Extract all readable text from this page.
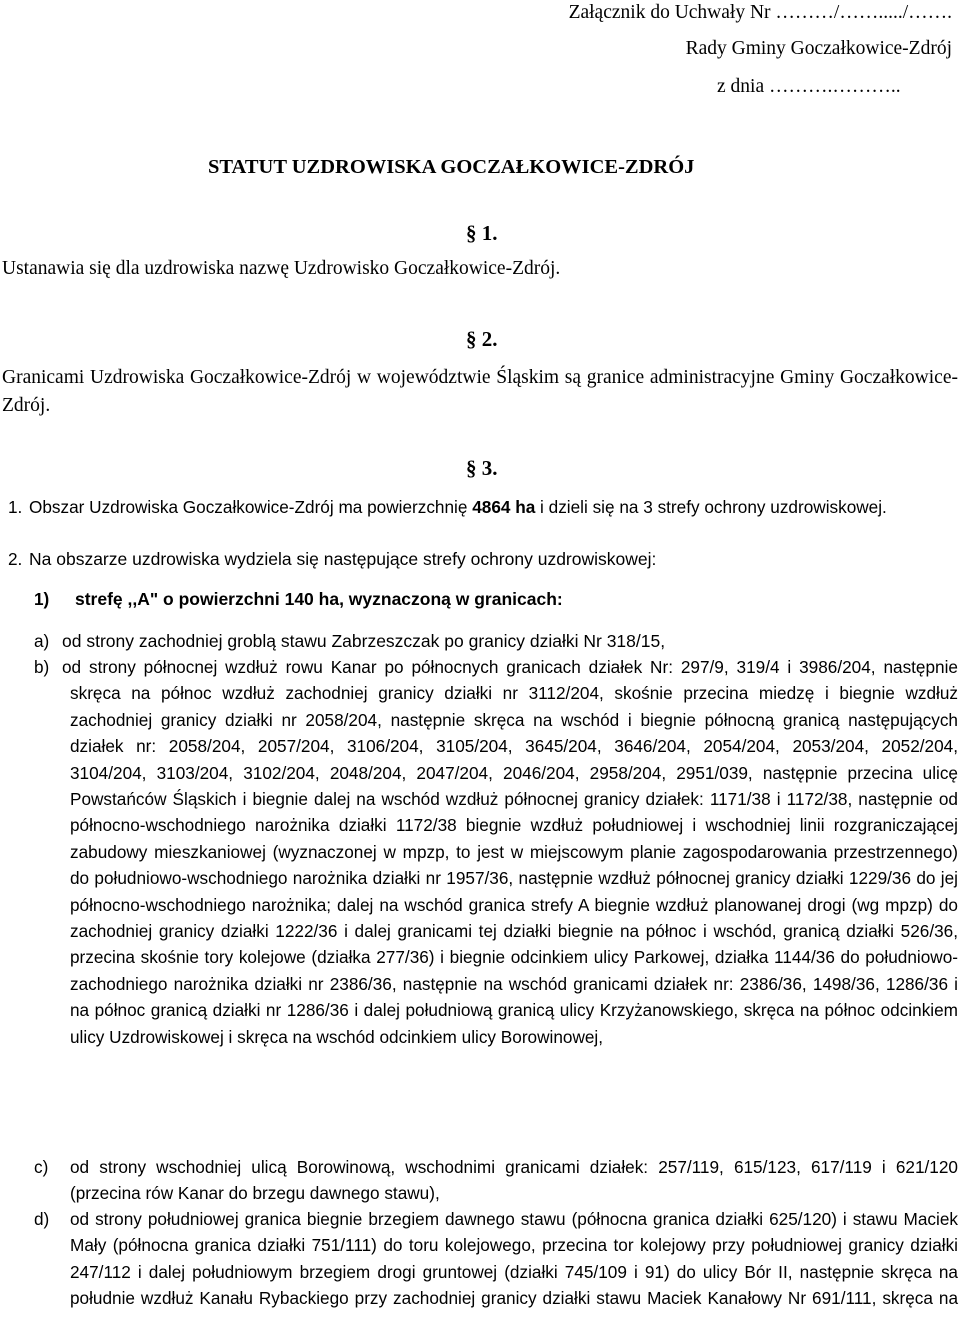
Załącznik do Uchwały Nr ………/……...../…….
Rady Gminy Goczałkowice-Zdrój
z dnia ……….………..
STATUT UZDROWISKA GOCZAŁKOWICE-ZDRÓJ
§ 1.
Ustanawia się dla uzdrowiska nazwę Uzdrowisko Goczałkowice-Zdrój.
§ 2.
Granicami Uzdrowiska Goczałkowice-Zdrój w województwie Śląskim są granice administracyjne Gminy Goczałkowice-Zdrój.
§ 3.
1. Obszar Uzdrowiska Goczałkowice-Zdrój ma powierzchnię 4864 ha i dzieli się na 3 strefy ochrony uzdrowiskowej.
2. Na obszarze uzdrowiska wydziela się następujące strefy ochrony uzdrowiskowej:
1) strefę ,,A" o powierzchni 140 ha, wyznaczoną w granicach:
a) od strony zachodniej groblą stawu Zabrzeszczak po granicy działki Nr 318/15,
b) od strony północnej wzdłuż rowu Kanar po północnych granicach działek Nr: 297/9, 319/4 i 3986/204, następnie skręca na północ wzdłuż zachodniej granicy działki nr 3112/204, skośnie przecina miedzę i biegnie wzdłuż zachodniej granicy działki nr 2058/204, następnie skręca na wschód i biegnie północną granicą następujących działek nr: 2058/204, 2057/204, 3106/204, 3105/204, 3645/204, 3646/204, 2054/204, 2053/204, 2052/204, 3104/204, 3103/204, 3102/204, 2048/204, 2047/204, 2046/204, 2958/204, 2951/039, następnie przecina ulicę Powstańców Śląskich i biegnie dalej na wschód wzdłuż północnej granicy działek: 1171/38 i 1172/38, następnie od północno-wschodniego narożnika działki 1172/38 biegnie wzdłuż południowej i wschodniej linii rozgraniczającej zabudowy mieszkaniowej (wyznaczonej w mpzp, to jest w miejscowym planie zagospodarowania przestrzennego) do południowo-wschodniego narożnika działki nr 1957/36, następnie wzdłuż północnej granicy działki 1229/36 do jej północno-wschodniego narożnika; dalej na wschód granica strefy A biegnie wzdłuż planowanej drogi (wg mpzp) do zachodniej granicy działki 1222/36 i dalej granicami tej działki biegnie na północ i wschód, granicą działki 526/36, przecina skośnie tory kolejowe (działka 277/36) i biegnie odcinkiem ulicy Parkowej, działka 1144/36 do południowo-zachodniego narożnika działki nr 2386/36, następnie na wschód granicami działek nr: 2386/36, 1498/36, 1286/36 i na północ granicą działki nr 1286/36 i dalej południową granicą ulicy Krzyżanowskiego, skręca na północ odcinkiem ulicy Uzdrowiskowej i skręca na wschód odcinkiem ulicy Borowinowej,
c) od strony wschodniej ulicą Borowinową, wschodnimi granicami działek: 257/119, 615/123, 617/119 i 621/120 (przecina rów Kanar do brzegu dawnego stawu),
d) od strony południowej granica biegnie brzegiem dawnego stawu (północna granica działki 625/120) i stawu Maciek Mały (północna granica działki 751/111) do toru kolejowego, przecina tor kolejowy przy południowej granicy działki 247/112 i dalej południowym brzegiem drogi gruntowej (działki 745/109 i 91) do ulicy Bór II, następnie skręca na południe wzdłuż Kanału Rybackiego przy zachodniej granicy działki stawu Maciek Kanałowy Nr 691/111, skręca na
